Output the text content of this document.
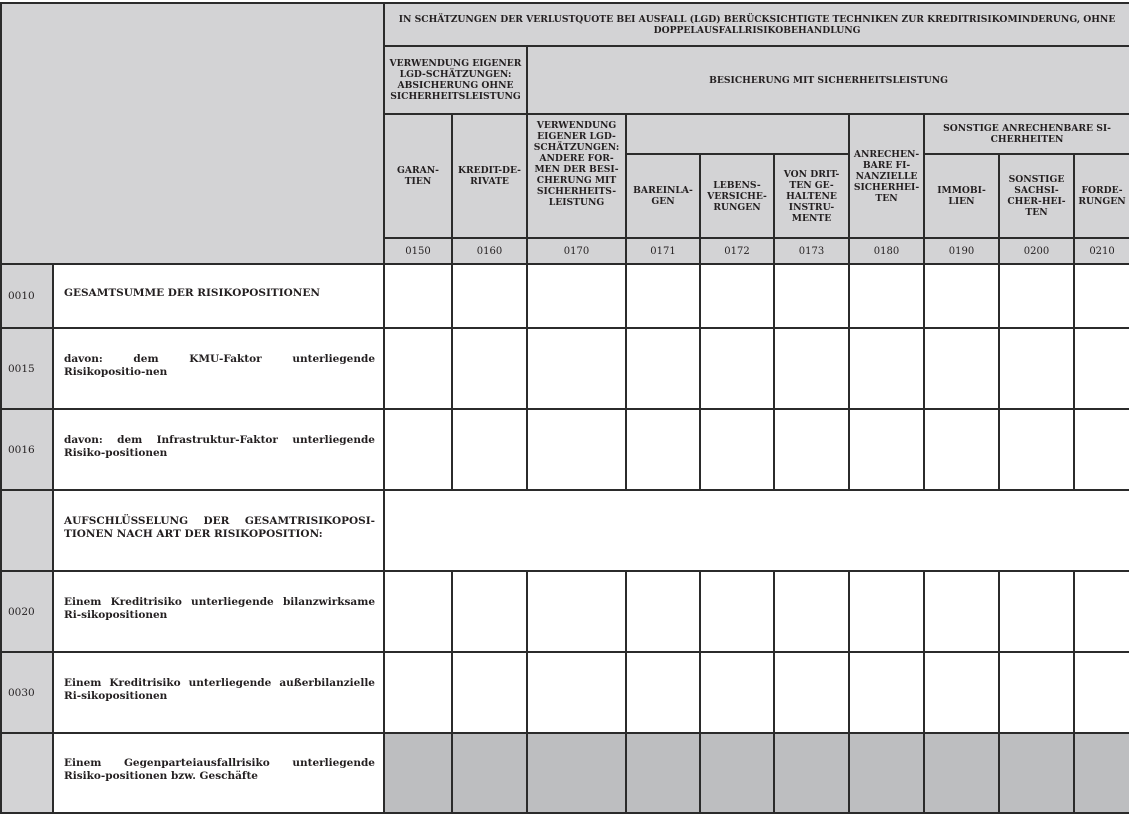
		IN SCHÄTZUNGEN DER VERLUSTQUOTE BEI AUSFALL (LGD) BERÜCKSICHTIGTE TECHNIKEN ZUR KREDITRISIKOMINDERUNG, OHNE DOPPELAUSFALLRISIKOBEHANDLUNG									
		VERWENDUNG EIGENER LGD-SCHÄTZUNGEN: ABSICHERUNG OHNE SICHERHEITSLEISTUNG		BESICHERUNG MIT SICHERHEITSLEISTUNG							
		GARAN-TIEN	KREDIT-DE-RIVATE	VERWENDUNG EIGENER LGD-SCHÄTZUNGEN: ANDERE FOR-MEN DER BESI-CHERUNG MIT SICHERHEITS-LEISTUNG				ANRECHEN-BARE FI-NANZIELLE SICHERHEI-TEN	SONSTIGE ANRECHENBARE SI-CHERHEITEN		
					BAREINLA-GEN	LEBENS-VERSICHE-RUNGEN	VON DRIT-TEN GE-HALTENE INSTRU-MENTE		IMMOBI-LIEN	SONSTIGE SACHSI-CHER-HEI-TEN	FORDE-RUNGEN
		0150	0160	0170	0171	0172	0173	0180	0190	0200	0210
0010	GESAMTSUMME DER RISIKOPOSITIONEN										

0015	davon: dem KMU-Faktor unterliegende Risikopositio-nen										

0016	davon: dem Infrastruktur-Faktor unterliegende Risiko-positionen										

	AUFSCHLÜSSELUNG DER GESAMTRISIKOPOSI-TIONEN NACH ART DER RISIKOPOSITION:										

0020	Einem Kreditrisiko unterliegende bilanzwirksame Ri-sikopositionen										

0030	Einem Kreditrisiko unterliegende außerbilanzielle Ri-sikopositionen										

	Einem Gegenparteiausfallrisiko unterliegende Risiko-positionen bzw. Geschäfte										
